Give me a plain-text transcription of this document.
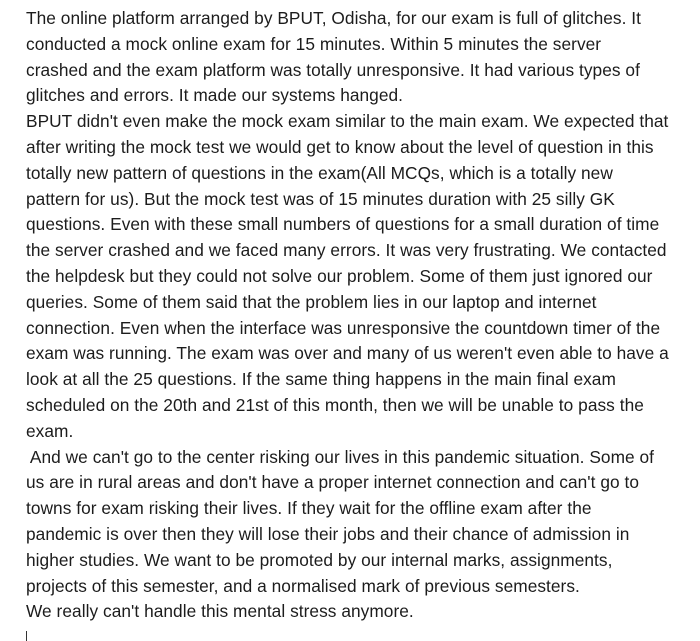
The online platform arranged by BPUT, Odisha, for our exam is full of glitches. It
conducted a mock online exam for 15 minutes. Within 5 minutes the server
crashed and the exam platform was totally unresponsive. It had various types of
glitches and errors. It made our systems hanged.
BPUT didn't even make the mock exam similar to the main exam. We expected that
after writing the mock test we would get to know about the level of question in this
totally new pattern of questions in the exam(All MCQs, which is a totally new
pattern for us). But the mock test was of 15 minutes duration with 25 silly GK
questions. Even with these small numbers of questions for a small duration of time
the server crashed and we faced many errors. It was very frustrating. We contacted
the helpdesk but they could not solve our problem. Some of them just ignored our
queries. Some of them said that the problem lies in our laptop and internet
connection. Even when the interface was unresponsive the countdown timer of the
exam was running. The exam was over and many of us weren't even able to have a
look at all the 25 questions. If the same thing happens in the main final exam
scheduled on the 20th and 21st of this month, then we will be unable to pass the
exam.
And we can't go to the center risking our lives in this pandemic situation. Some of
us are in rural areas and don't have a proper internet connection and can't go to
towns for exam risking their lives. If they wait for the offline exam after the
pandemic is over then they will lose their jobs and their chance of admission in
higher studies. We want to be promoted by our internal marks, assignments,
projects of this semester, and a normalised mark of previous semesters.
We really can't handle this mental stress anymore.
